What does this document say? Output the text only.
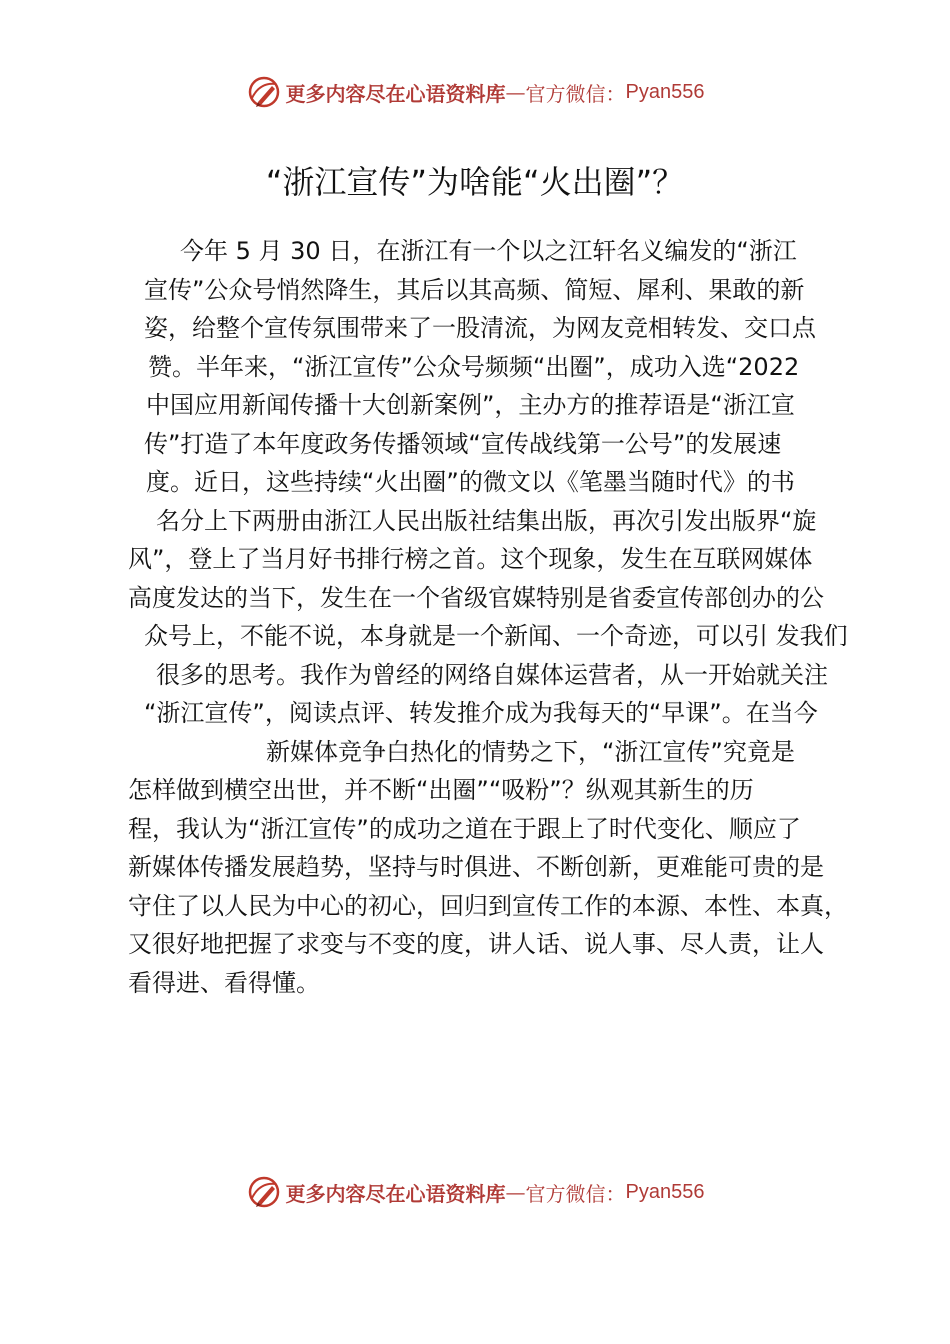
更多内容尽在心语资料库 — 官方微信： Pyan556
“浙江宣传”为啥能“火出圈”？
今年 5 月 30 日，在浙江有一个以之江轩名义编发的“浙江
宣传”公众号悄然降生，其后以其高频、简短、犀利、果敢的新
姿，给整个宣传氛围带来了一股清流，为网友竞相转发、交口点
赞。半年来，“浙江宣传”公众号频频“出圈”，成功入选“2022
中国应用新闻传播十大创新案例”，主办方的推荐语是“浙江宣
传”打造了本年度政务传播领域“宣传战线第一公号”的发展速
度。近日，这些持续“火出圈”的微文以《笔墨当随时代》的书
名分上下两册由浙江人民出版社结集出版，再次引发出版界“旋
风”，登上了当月好书排行榜之首。这个现象，发生在互联网媒体
高度发达的当下，发生在一个省级官媒特别是省委宣传部创办的公
众号上，不能不说，本身就是一个新闻、一个奇迹，可以引 发我们
很多的思考。我作为曾经的网络自媒体运营者，从一开始就关注
“浙江宣传”，阅读点评、转发推介成为我每天的“早课”。在当今
新媒体竞争白热化的情势之下，“浙江宣传”究竟是
怎样做到横空出世，并不断“出圈”“吸粉”？纵观其新生的历
程，我认为“浙江宣传”的成功之道在于跟上了时代变化、顺应了
新媒体传播发展趋势，坚持与时俱进、不断创新，更难能可贵的是
守住了以人民为中心的初心，回归到宣传工作的本源、本性、本真，
又很好地把握了求变与不变的度，讲人话、说人事、尽人责，让人
看得进、看得懂。
更多内容尽在心语资料库 — 官方微信： Pyan556
